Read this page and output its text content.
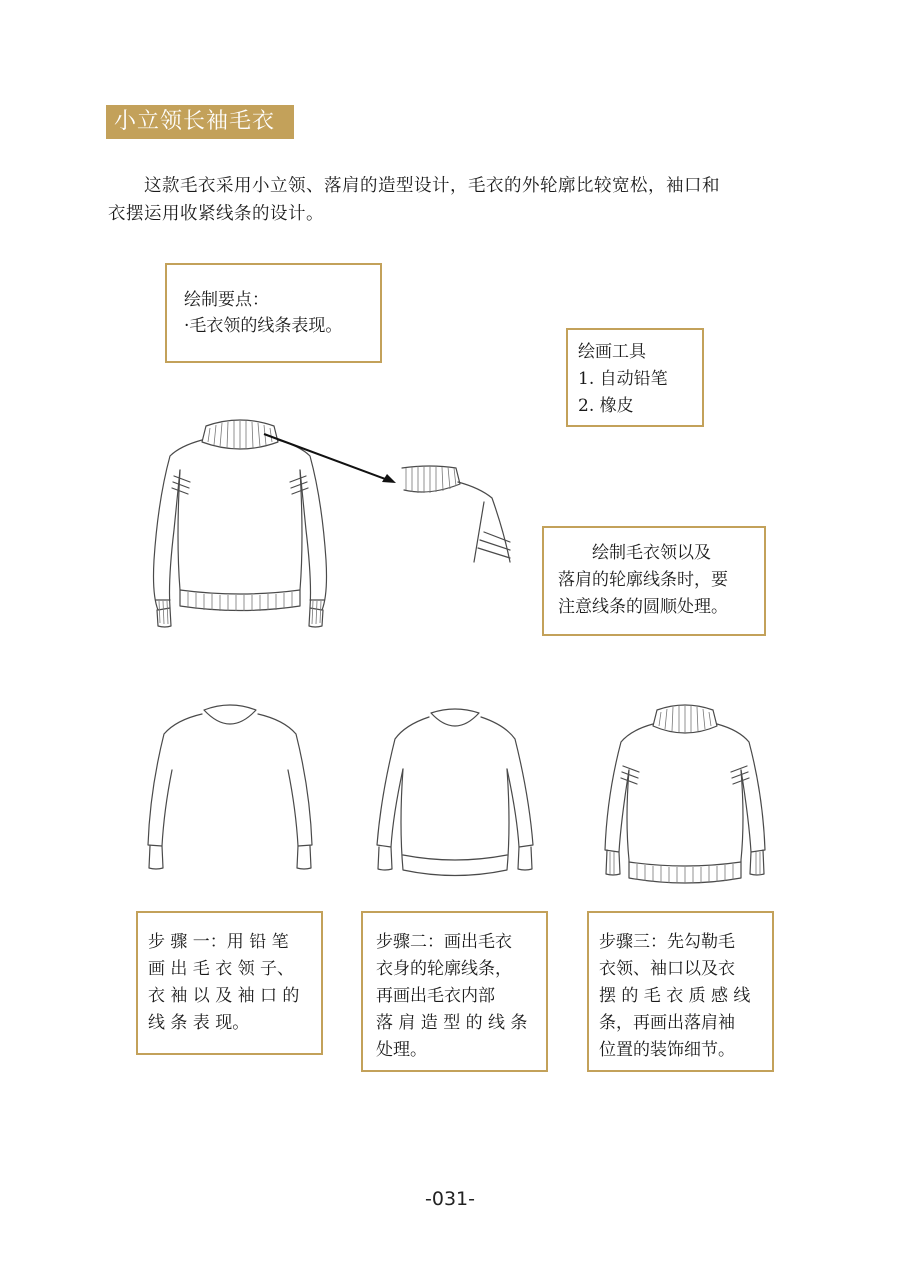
小立领长袖毛衣
这款毛衣采用小立领、落肩的造型设计，毛衣的外轮廓比较宽松，袖口和
衣摆运用收紧线条的设计。
绘制要点：
·毛衣领的线条表现。
绘画工具
1. 自动铅笔
2. 橡皮
绘制毛衣领以及
落肩的轮廓线条时，要
注意线条的圆顺处理。
步 骤 一：用 铅 笔
画 出 毛 衣 领 子、
衣 袖 以 及 袖 口 的
线 条 表 现。
步骤二：画出毛衣
衣身的轮廓线条，
再画出毛衣内部
落 肩 造 型 的 线 条
处理。
步骤三：先勾勒毛
衣领、袖口以及衣
摆 的 毛 衣 质 感 线
条，再画出落肩袖
位置的装饰细节。
-031-
